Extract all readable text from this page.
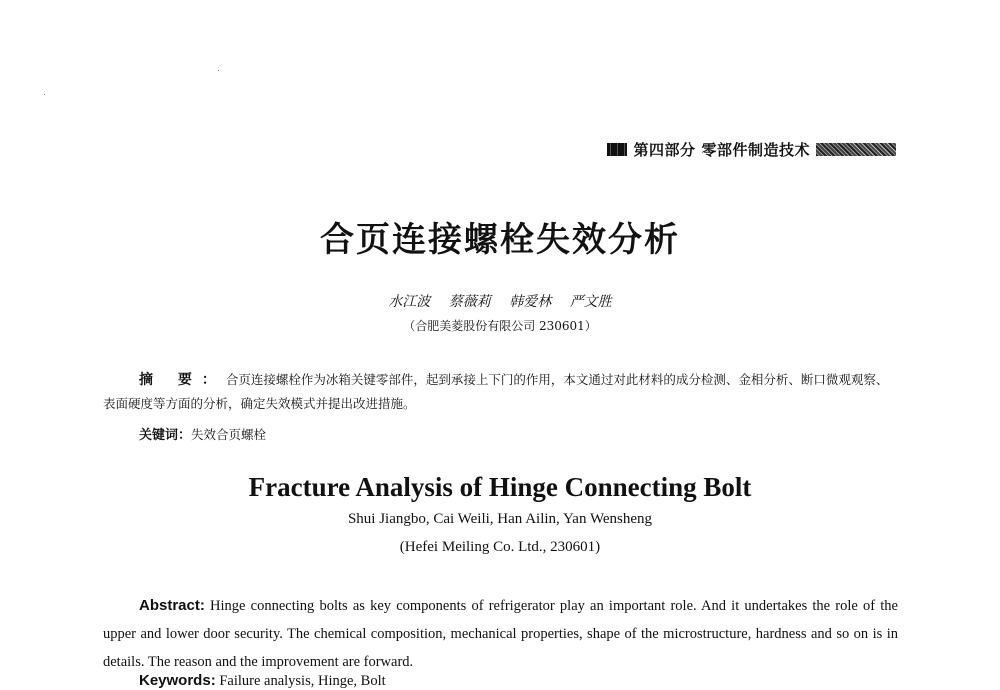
第四部分 零部件制造技术
合页连接螺栓失效分析
水江波 蔡薇莉 韩爱林 严文胜
（合肥美菱股份有限公司 230601）
摘 要：合页连接螺栓作为冰箱关键零部件，起到承接上下门的作用，本文通过对此材料的成分检测、金相分析、断口微观观察、表面硬度等方面的分析，确定失效模式并提出改进措施。
关键词：失效合页螺栓
Fracture Analysis of Hinge Connecting Bolt
Shui Jiangbo, Cai Weili, Han Ailin, Yan Wensheng
(Hefei Meiling Co. Ltd., 230601)
Abstract: Hinge connecting bolts as key components of refrigerator play an important role. And it undertakes the role of the upper and lower door security. The chemical composition, mechanical properties, shape of the microstructure, hardness and so on is in details. The reason and the improvement are forward.
Keywords: Failure analysis, Hinge, Bolt
